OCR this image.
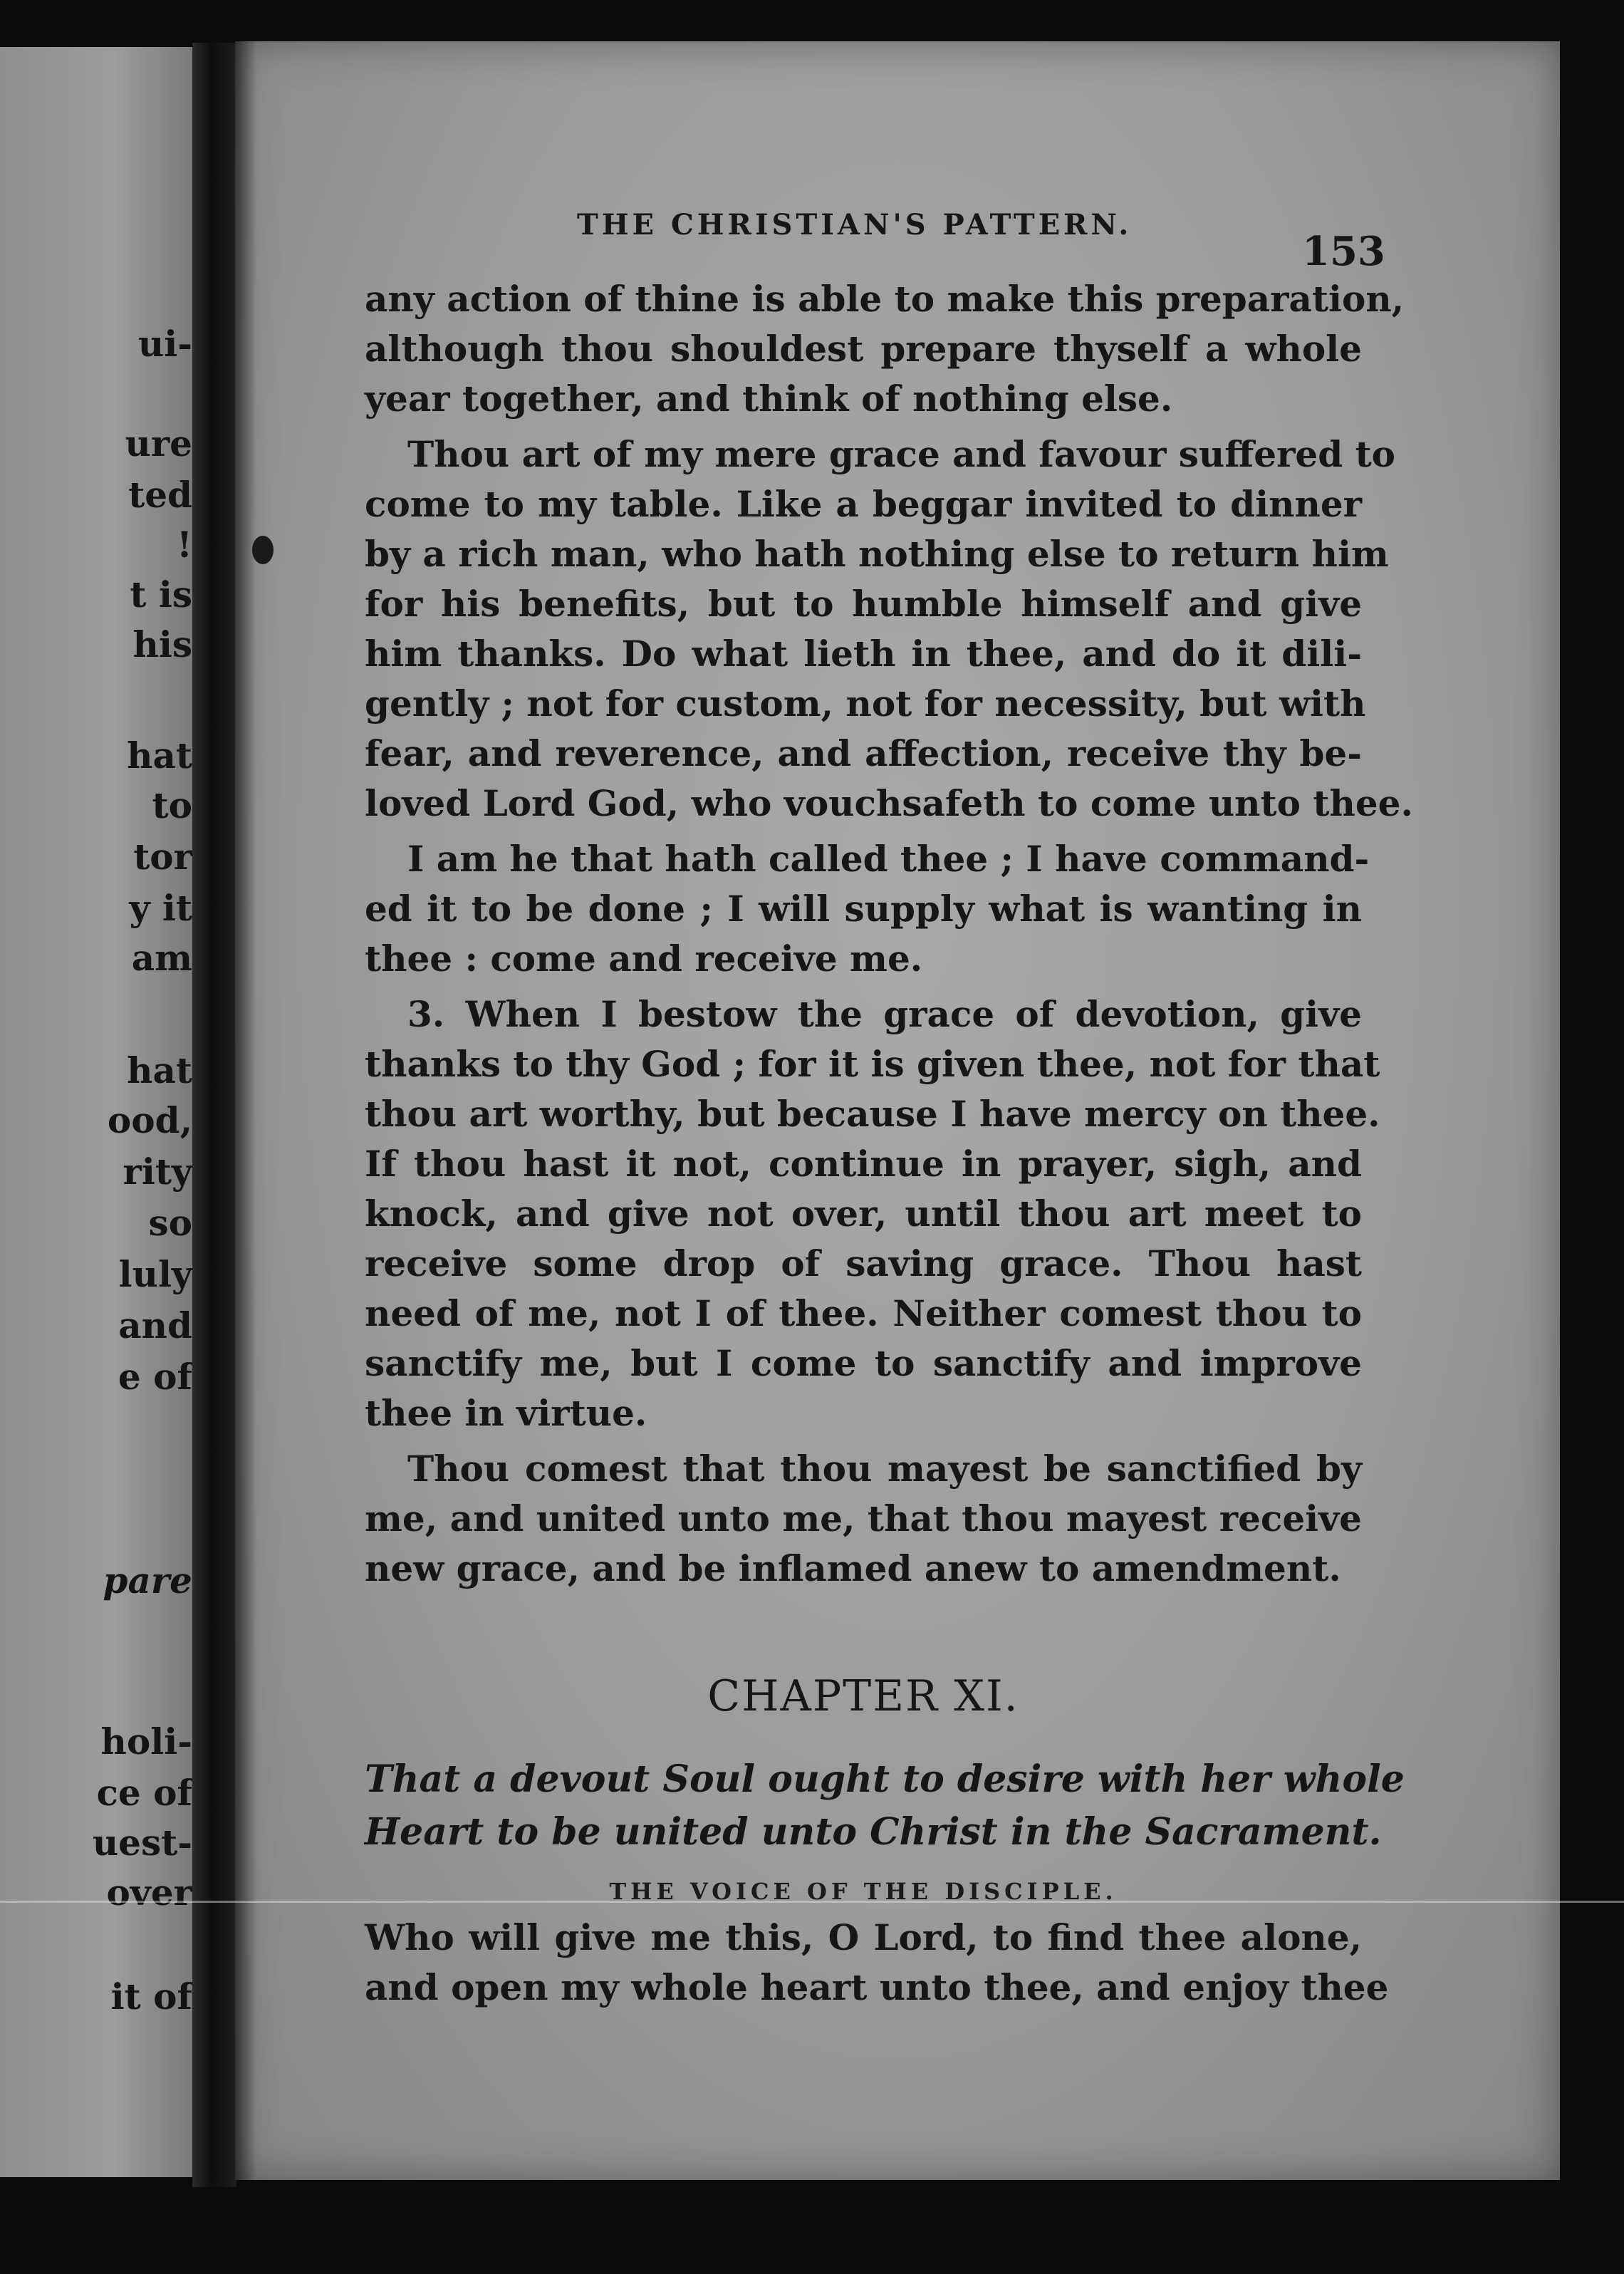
ui-
ure
ted
!
t is
his
hat
to
tor
y it
am
hat
ood,
rity
so
luly
and
e of
pare
holi-
ce of
uest-
over
it of
THE CHRISTIAN'S PATTERN.
153
any action of thine is able to make this preparation,
although thou shouldest prepare thyself a whole
year together, and think of nothing else.
Thou art of my mere grace and favour suffered to
come to my table. Like a beggar invited to dinner
by a rich man, who hath nothing else to return him
for his benefits, but to humble himself and give
him thanks. Do what lieth in thee, and do it dili-
gently ; not for custom, not for necessity, but with
fear, and reverence, and affection, receive thy be-
loved Lord God, who vouchsafeth to come unto thee.
I am he that hath called thee ; I have command-
ed it to be done ; I will supply what is wanting in
thee : come and receive me.
3. When I bestow the grace of devotion, give
thanks to thy God ; for it is given thee, not for that
thou art worthy, but because I have mercy on thee.
If thou hast it not, continue in prayer, sigh, and
knock, and give not over, until thou art meet to
receive some drop of saving grace. Thou hast
need of me, not I of thee. Neither comest thou to
sanctify me, but I come to sanctify and improve
thee in virtue.
Thou comest that thou mayest be sanctified by
me, and united unto me, that thou mayest receive
new grace, and be inflamed anew to amendment.
CHAPTER XI.
That a devout Soul ought to desire with her whole
Heart to be united unto Christ in the Sacrament.
THE VOICE OF THE DISCIPLE.
Who will give me this, O Lord, to find thee alone,
and open my whole heart unto thee, and enjoy thee
